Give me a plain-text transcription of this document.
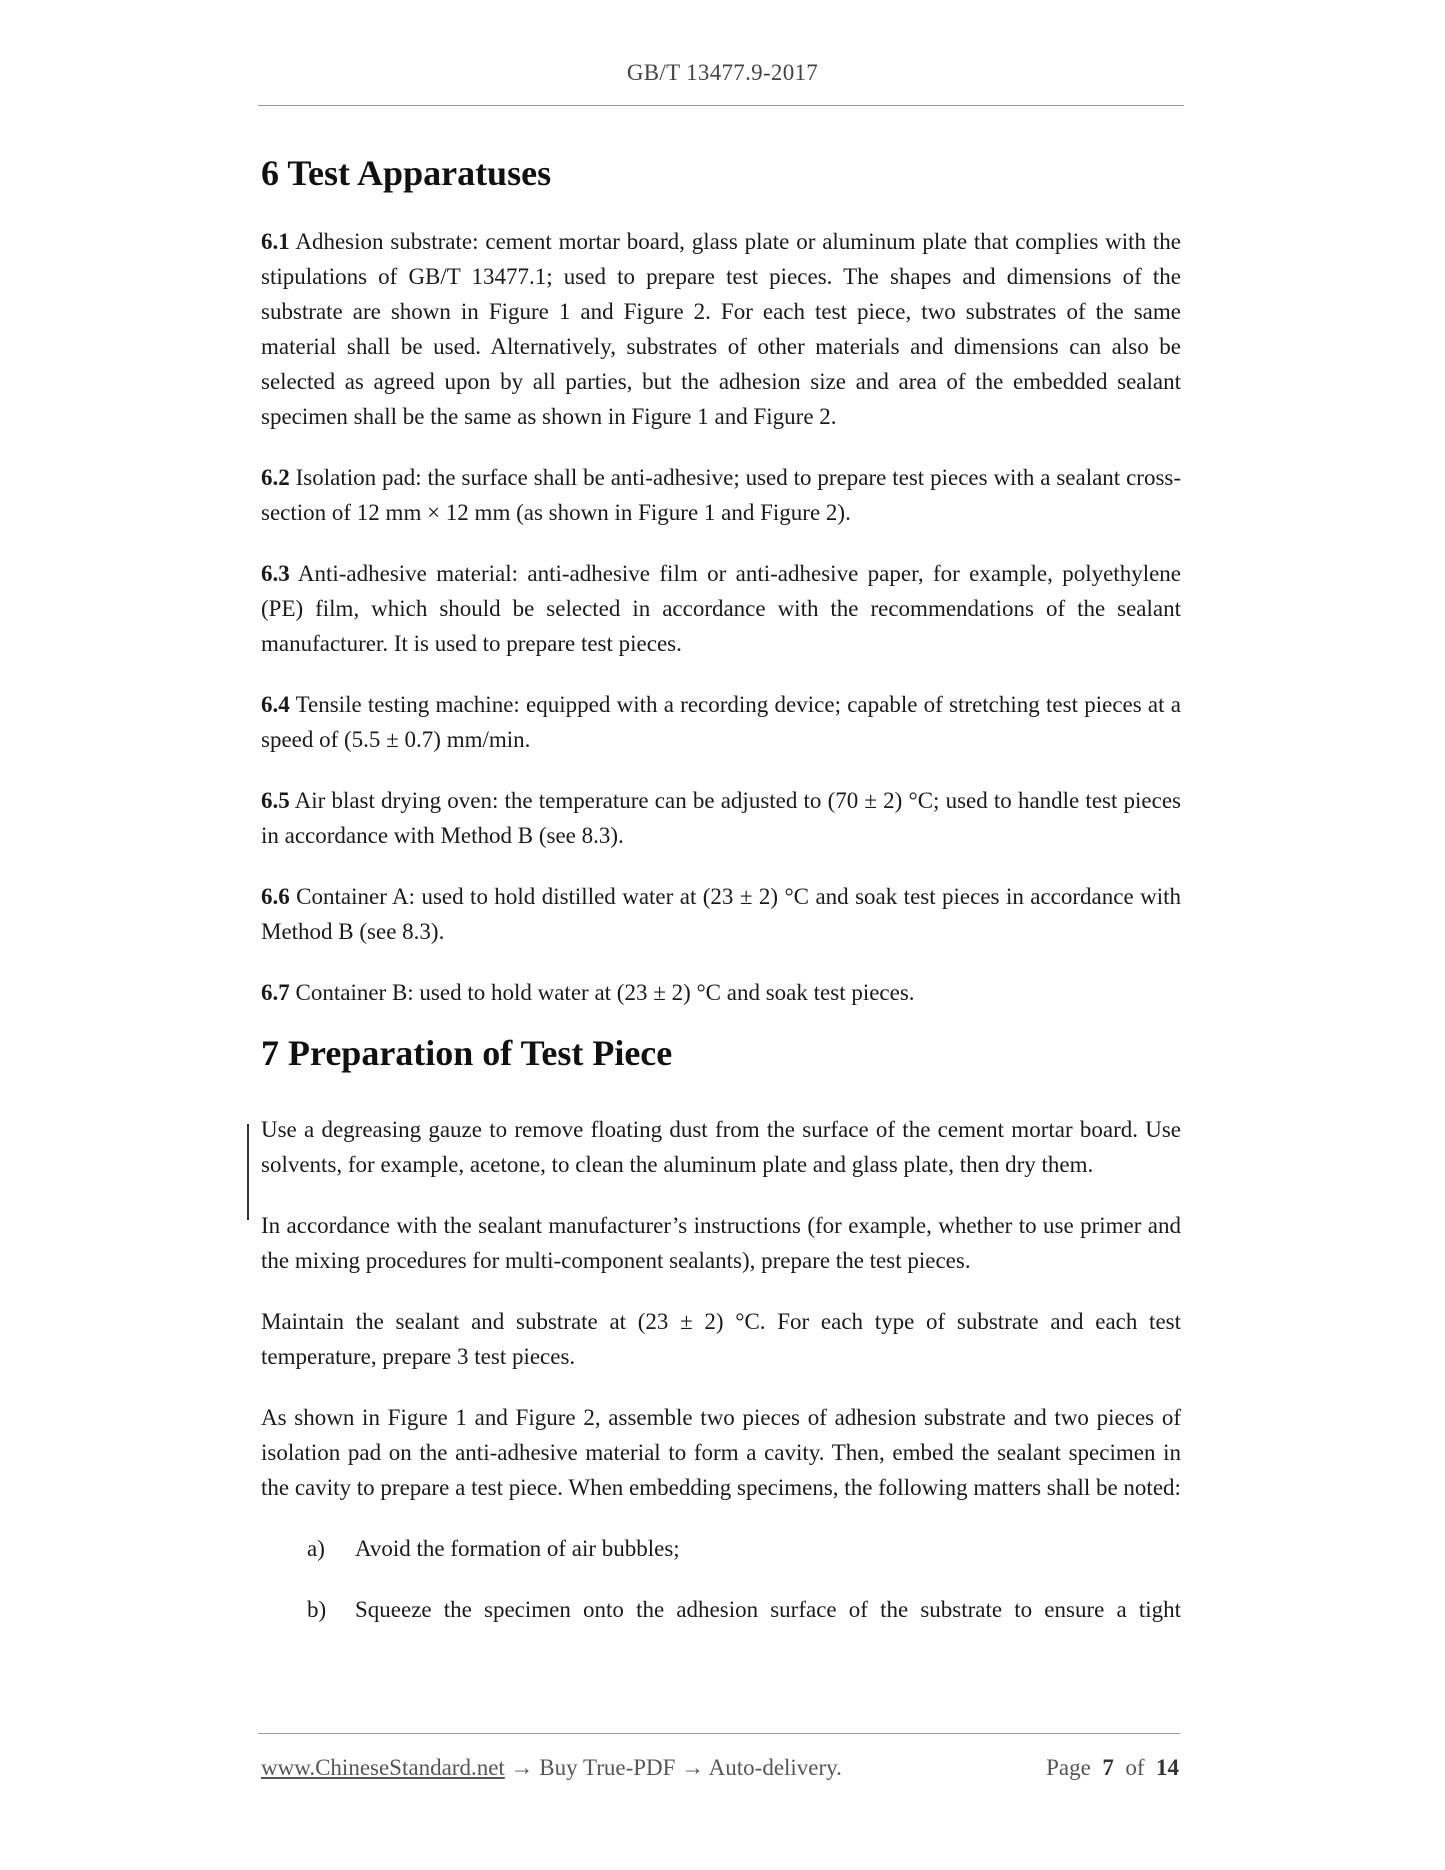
GB/T 13477.9-2017
6 Test Apparatuses

6.1 Adhesion substrate: cement mortar board, glass plate or aluminum plate that complies with the stipulations of GB/T 13477.1; used to prepare test pieces. The shapes and dimensions of the substrate are shown in Figure 1 and Figure 2. For each test piece, two substrates of the same material shall be used. Alternatively, substrates of other materials and dimensions can also be selected as agreed upon by all parties, but the adhesion size and area of the embedded sealant specimen shall be the same as shown in Figure 1 and Figure 2.

6.2 Isolation pad: the surface shall be anti-adhesive; used to prepare test pieces with a sealant cross-section of 12 mm × 12 mm (as shown in Figure 1 and Figure 2).

6.3 Anti-adhesive material: anti-adhesive film or anti-adhesive paper, for example, polyethylene (PE) film, which should be selected in accordance with the recommendations of the sealant manufacturer. It is used to prepare test pieces.

6.4 Tensile testing machine: equipped with a recording device; capable of stretching test pieces at a speed of (5.5 ± 0.7) mm/min.

6.5 Air blast drying oven: the temperature can be adjusted to (70 ± 2) °C; used to handle test pieces in accordance with Method B (see 8.3).

6.6 Container A: used to hold distilled water at (23 ± 2) °C and soak test pieces in accordance with Method B (see 8.3).

6.7 Container B: used to hold water at (23 ± 2) °C and soak test pieces.

7 Preparation of Test Piece

Use a degreasing gauze to remove floating dust from the surface of the cement mortar board. Use solvents, for example, acetone, to clean the aluminum plate and glass plate, then dry them.

In accordance with the sealant manufacturer’s instructions (for example, whether to use primer and the mixing procedures for multi-component sealants), prepare the test pieces.

Maintain the sealant and substrate at (23 ± 2) °C. For each type of substrate and each test temperature, prepare 3 test pieces.

As shown in Figure 1 and Figure 2, assemble two pieces of adhesion substrate and two pieces of isolation pad on the anti-adhesive material to form a cavity. Then, embed the sealant specimen in the cavity to prepare a test piece. When embedding specimens, the following matters shall be noted:

a)	Avoid the formation of air bubbles;
b)	Squeeze the specimen onto the adhesion surface of the substrate to ensure a tight
www.ChineseStandard.net → Buy True-PDF → Auto-delivery.	Page 7 of 14
